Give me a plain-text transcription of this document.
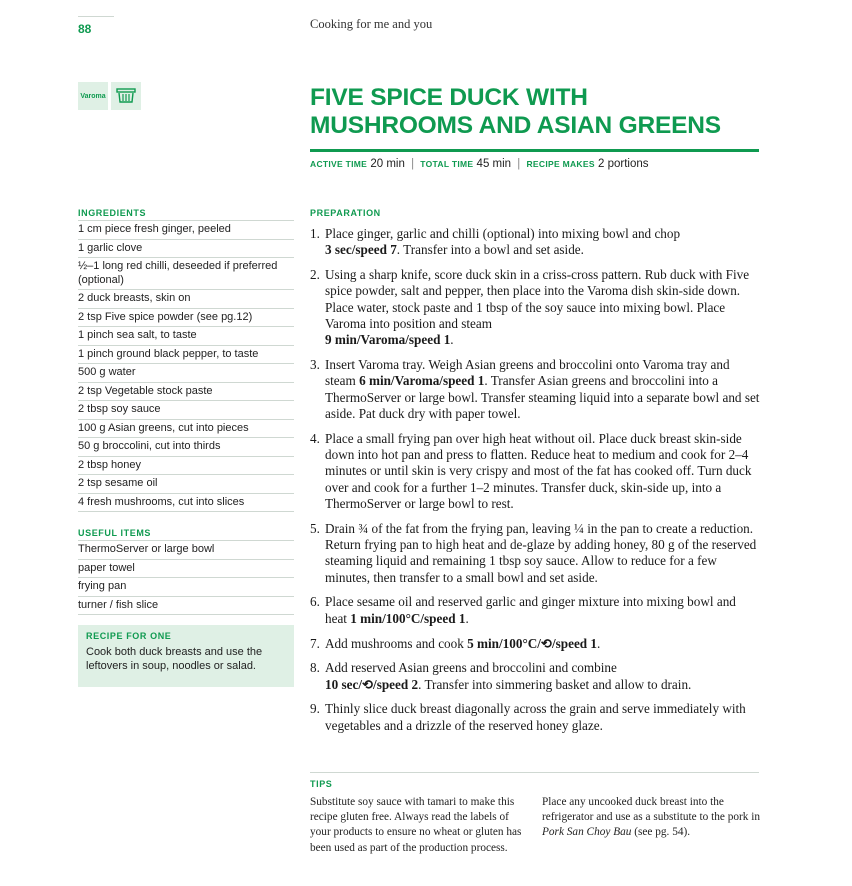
88	Cooking for me and you
Varoma	FIVE SPICE DUCK WITH
MUSHROOMS AND ASIAN GREENS
ACTIVE TIME 20 min | TOTAL TIME 45 min | RECIPE MAKES 2 portions
INGREDIENTS
1 cm piece fresh ginger, peeled
1 garlic clove
½–1 long red chilli, deseeded if preferred (optional)
2 duck breasts, skin on
2 tsp Five spice powder (see pg.12)
1 pinch sea salt, to taste
1 pinch ground black pepper, to taste
500 g water
2 tsp Vegetable stock paste
2 tbsp soy sauce
100 g Asian greens, cut into pieces
50 g broccolini, cut into thirds
2 tbsp honey
2 tsp sesame oil
4 fresh mushrooms, cut into slices
USEFUL ITEMS
ThermoServer or large bowl
paper towel
frying pan
turner / fish slice
RECIPE FOR ONE

Cook both duck breasts and use the leftovers in soup, noodles or salad.

PREPARATION
1. Place ginger, garlic and chilli (optional) into mixing bowl and chop
3 sec/speed 7. Transfer into a bowl and set aside.
2. Using a sharp knife, score duck skin in a criss-cross pattern. Rub duck with Five spice powder, salt and pepper, then place into the Varoma dish skin-side down. Place water, stock paste and 1 tbsp of the soy sauce into mixing bowl. Place Varoma into position and steam
9 min/Varoma/speed 1.
3. Insert Varoma tray. Weigh Asian greens and broccolini onto Varoma tray and steam 6 min/Varoma/speed 1. Transfer Asian greens and broccolini into a ThermoServer or large bowl. Transfer steaming liquid into a separate bowl and set aside. Pat duck dry with paper towel.
4. Place a small frying pan over high heat without oil. Place duck breast skin-side down into hot pan and press to flatten. Reduce heat to medium and cook for 2–4 minutes or until skin is very crispy and most of the fat has cooked off. Turn duck over and cook for a further 1–2 minutes. Transfer duck, skin-side up, into a ThermoServer or large bowl to rest.
5. Drain ¾ of the fat from the frying pan, leaving ¼ in the pan to create a reduction. Return frying pan to high heat and de-glaze by adding honey, 80 g of the reserved steaming liquid and remaining 1 tbsp soy sauce. Allow to reduce for a few minutes, then transfer to a small bowl and set aside.
6. Place sesame oil and reserved garlic and ginger mixture into mixing bowl and heat 1 min/100°C/speed 1.
7. Add mushrooms and cook 5 min/100°C/⟲/speed 1.
8. Add reserved Asian greens and broccolini and combine
10 sec/⟲/speed 2. Transfer into simmering basket and allow to drain.
9. Thinly slice duck breast diagonally across the grain and serve immediately with vegetables and a drizzle of the reserved honey glaze.
TIPS
Substitute soy sauce with tamari to make this recipe gluten free. Always read the labels of your products to ensure no wheat or gluten has been used as part of the production process.
Place any uncooked duck breast into the refrigerator and use as a substitute to the pork in Pork San Choy Bau (see pg. 54).
